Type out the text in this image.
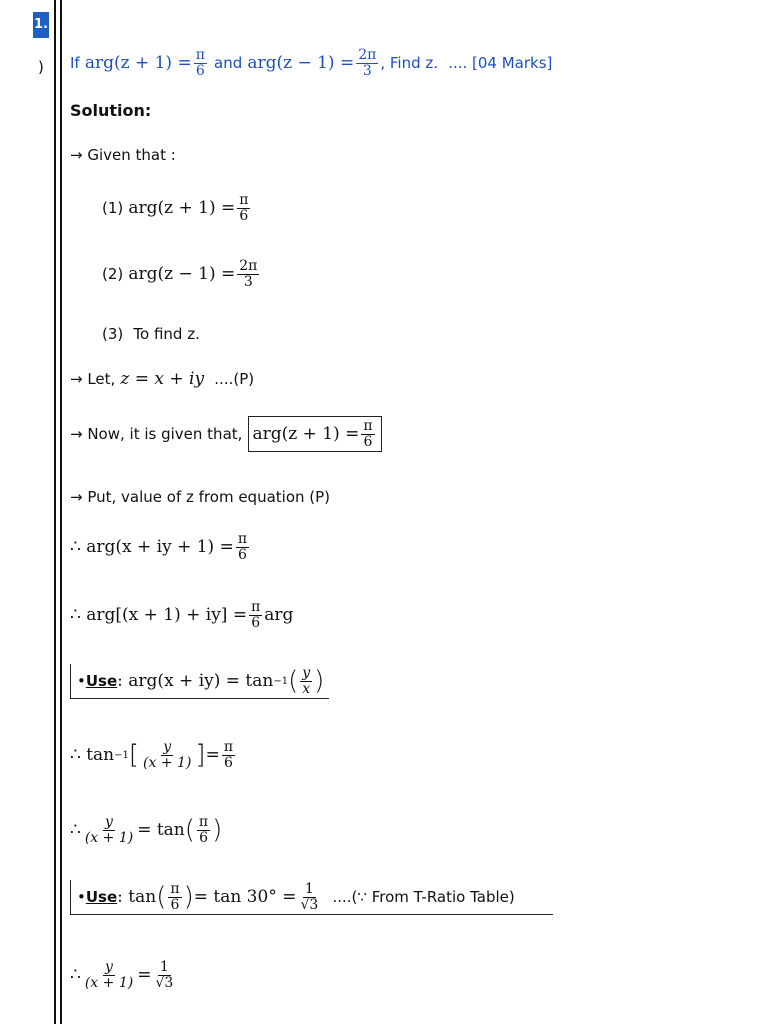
1.
) If
$arg(z + 1) = \frac{\pi}{6}$
and
$arg(z - 1) = \frac{2\pi}{3}$ , Find z.
.... [04 Marks]
Solution:
→ Given that :
(1)
$arg(z + 1) = \frac{\pi}{6}$
(2)
$arg(z - 1) = \frac{2\pi}{3}$
(3)
To find z.
→ Let,
z = x + iy
....(P)
→ Now, it is given that,
$arg(z + 1) = \frac{\pi}{6}$
→ Put, value of z from equation (P)
∴ arg(x + iy + $1) = \frac{\pi}{6}$
∴ $arg[(x + 1) + iy] = \frac{\pi}{6}$ arg
• Use : arg(x + iy) = tan −1 ( $\frac{y}{x}$ )
∴ tan −1 [ $\frac{y}{(x + 1)}$ ] = $\frac{\pi}{6}$
∴ $\frac{y}{(x + 1)} = \tan$ ( $\frac{\pi}{6}$ )
• Use : tan ( $\frac{\pi}{6}$ ) = $\tan 30^\circ = \frac{1}{√3}$
....(∵ From T-Ratio Table)
∴ $\frac{y}{(x + 1)} = \frac{1}{√3}$
